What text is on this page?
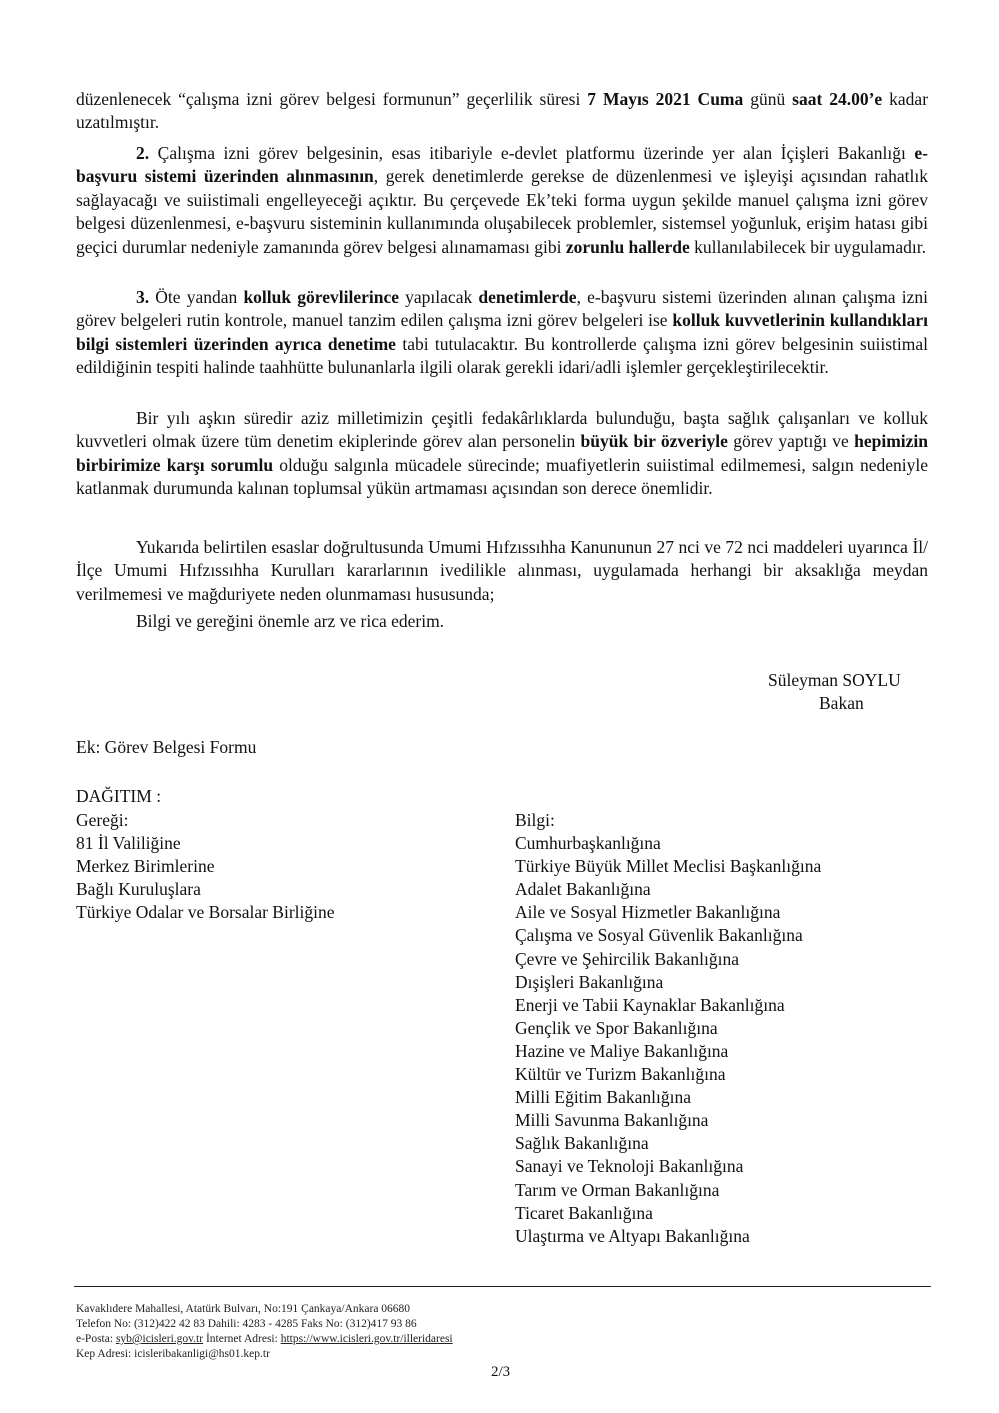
düzenlenecek “çalışma izni görev belgesi formunun” geçerlilik süresi 7 Mayıs 2021 Cuma günü saat 24.00’e kadar uzatılmıştır.

2. Çalışma izni görev belgesinin, esas itibariyle e-devlet platformu üzerinde yer alan İçişleri Bakanlığı e-başvuru sistemi üzerinden alınmasının, gerek denetimlerde gerekse de düzenlenmesi ve işleyişi açısından rahatlık sağlayacağı ve suiistimali engelleyeceği açıktır. Bu çerçevede Ek’teki forma uygun şekilde manuel çalışma izni görev belgesi düzenlenmesi, e-başvuru sisteminin kullanımında oluşabilecek problemler, sistemsel yoğunluk, erişim hatası gibi geçici durumlar nedeniyle zamanında görev belgesi alınamaması gibi zorunlu hallerde kullanılabilecek bir uygulamadır.

3. Öte yandan kolluk görevlilerince yapılacak denetimlerde, e-başvuru sistemi üzerinden alınan çalışma izni görev belgeleri rutin kontrole, manuel tanzim edilen çalışma izni görev belgeleri ise kolluk kuvvetlerinin kullandıkları bilgi sistemleri üzerinden ayrıca denetime tabi tutulacaktır. Bu kontrollerde çalışma izni görev belgesinin suiistimal edildiğinin tespiti halinde taahhütte bulunanlarla ilgili olarak gerekli idari/adli işlemler gerçekleştirilecektir.

Bir yılı aşkın süredir aziz milletimizin çeşitli fedakârlıklarda bulunduğu, başta sağlık çalışanları ve kolluk kuvvetleri olmak üzere tüm denetim ekiplerinde görev alan personelin büyük bir özveriyle görev yaptığı ve hepimizin birbirimize karşı sorumlu olduğu salgınla mücadele sürecinde; muafiyetlerin suiistimal edilmemesi, salgın nedeniyle katlanmak durumunda kalınan toplumsal yükün artmaması açısından son derece önemlidir.

Yukarıda belirtilen esaslar doğrultusunda Umumi Hıfzıssıhha Kanununun 27 nci ve 72 nci maddeleri uyarınca İl/İlçe Umumi Hıfzıssıhha Kurulları kararlarının ivedilikle alınması, uygulamada herhangi bir aksaklığa meydan verilmemesi ve mağduriyete neden olunmaması hususunda;

Bilgi ve gereğini önemle arz ve rica ederim.

Süleyman SOYLU
Bakan
Ek: Görev Belgesi Formu
DAĞITIM :
Gereği:
81 İl Valiliğine
Merkez Birimlerine
Bağlı Kuruluşlara
Türkiye Odalar ve Borsalar Birliğine
Bilgi:
Cumhurbaşkanlığına
Türkiye Büyük Millet Meclisi Başkanlığına
Adalet Bakanlığına
Aile ve Sosyal Hizmetler Bakanlığına
Çalışma ve Sosyal Güvenlik Bakanlığına
Çevre ve Şehircilik Bakanlığına
Dışişleri Bakanlığına
Enerji ve Tabii Kaynaklar Bakanlığına
Gençlik ve Spor Bakanlığına
Hazine ve Maliye Bakanlığına
Kültür ve Turizm Bakanlığına
Milli Eğitim Bakanlığına
Milli Savunma Bakanlığına
Sağlık Bakanlığına
Sanayi ve Teknoloji Bakanlığına
Tarım ve Orman Bakanlığına
Ticaret Bakanlığına
Ulaştırma ve Altyapı Bakanlığına
Kavaklıdere Mahallesi, Atatürk Bulvarı, No:191 Çankaya/Ankara 06680
Telefon No: (312)422 42 83 Dahili: 4283 - 4285 Faks No: (312)417 93 86
e-Posta: syb@icisleri.gov.tr İnternet Adresi: https://www.icisleri.gov.tr/illeridaresi
Kep Adresi: icisleribakanligi@hs01.kep.tr
2/3
